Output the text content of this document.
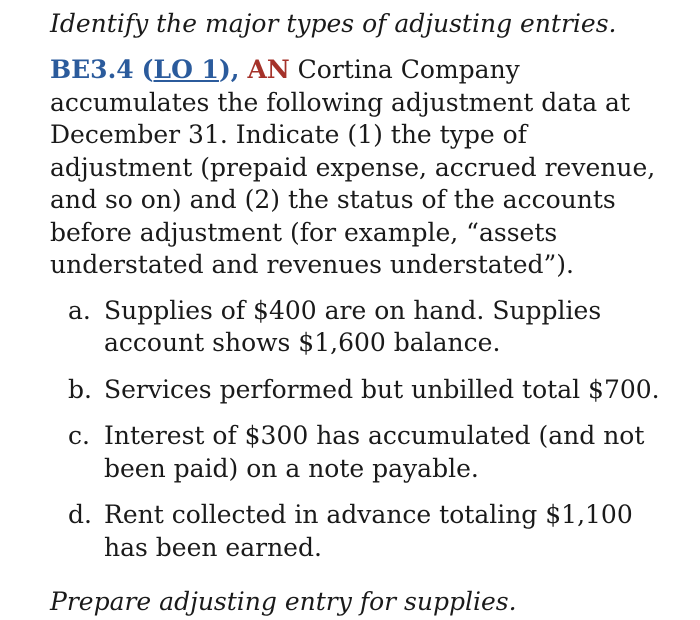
Identify the major types of adjusting entries.

BE3.4 (LO 1), AN Cortina Company accumulates the following adjustment data at December 31. Indicate (1) the type of adjustment (prepaid expense, accrued revenue, and so on) and (2) the status of the accounts before adjustment (for example, “assets understated and revenues understated”).

a. Supplies of $400 are on hand. Supplies account shows $1,600 balance.
b. Services performed but unbilled total $700.
c. Interest of $300 has accumulated (and not been paid) on a note payable.
d. Rent collected in advance totaling $1,100 has been earned.

Prepare adjusting entry for supplies.
